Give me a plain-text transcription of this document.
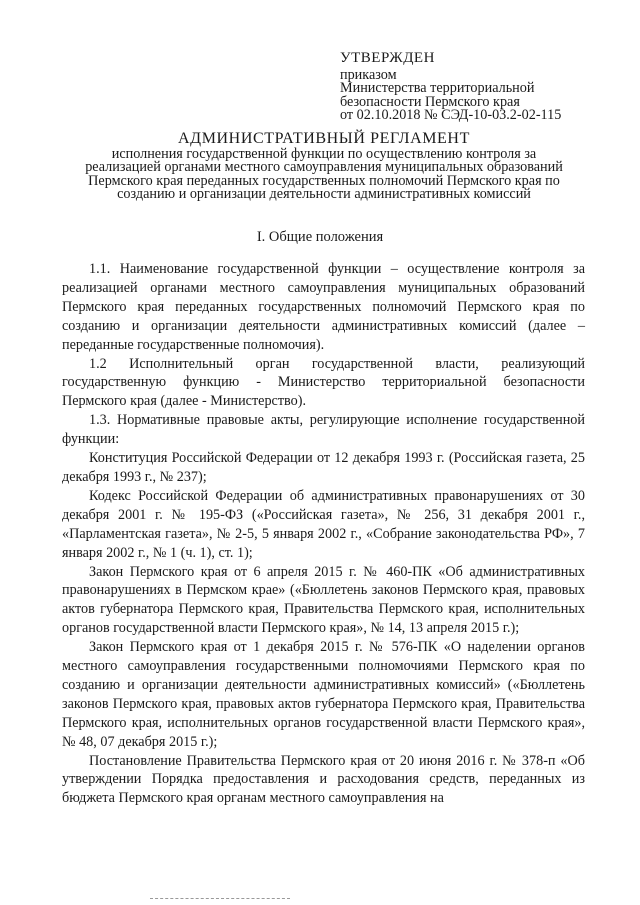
УТВЕРЖДЕН
приказом
Министерства территориальной
безопасности Пермского края
от 02.10.2018 № СЭД-10-03.2-02-115
АДМИНИСТРАТИВНЫЙ РЕГЛАМЕНТ
исполнения государственной функции по осуществлению контроля за
реализацией органами местного самоуправления муниципальных образований
Пермского края переданных государственных полномочий Пермского края по
созданию и организации деятельности административных комиссий
I. Общие положения

1.1. Наименование государственной функции – осуществление контроля за реализацией органами местного самоуправления муниципальных образований Пермского края переданных государственных полномочий Пермского края по созданию и организации деятельности административных комиссий (далее – переданные государственные полномочия).

1.2 Исполнительный орган государственной власти, реализующий государственную функцию - Министерство территориальной безопасности Пермского края (далее - Министерство).

1.3. Нормативные правовые акты, регулирующие исполнение государственной функции:

Конституция Российской Федерации от 12 декабря 1993 г. (Российская газета, 25 декабря 1993 г., № 237);

Кодекс Российской Федерации об административных правонарушениях от 30 декабря 2001 г. № 195-ФЗ («Российская газета», № 256, 31 декабря 2001 г., «Парламентская газета», № 2-5, 5 января 2002 г., «Собрание законодательства РФ», 7 января 2002 г., № 1 (ч. 1), ст. 1);

Закон Пермского края от 6 апреля 2015 г. № 460-ПК «Об административных правонарушениях в Пермском крае» («Бюллетень законов Пермского края, правовых актов губернатора Пермского края, Правительства Пермского края, исполнительных органов государственной власти Пермского края», № 14, 13 апреля 2015 г.);

Закон Пермского края от 1 декабря 2015 г. № 576-ПК «О наделении органов местного самоуправления государственными полномочиями Пермского края по созданию и организации деятельности административных комиссий» («Бюллетень законов Пермского края, правовых актов губернатора Пермского края, Правительства Пермского края, исполнительных органов государственной власти Пермского края», № 48, 07 декабря 2015 г.);

Постановление Правительства Пермского края от 20 июня 2016 г. № 378-п «Об утверждении Порядка предоставления и расходования средств, переданных из бюджета Пермского края органам местного самоуправления на
